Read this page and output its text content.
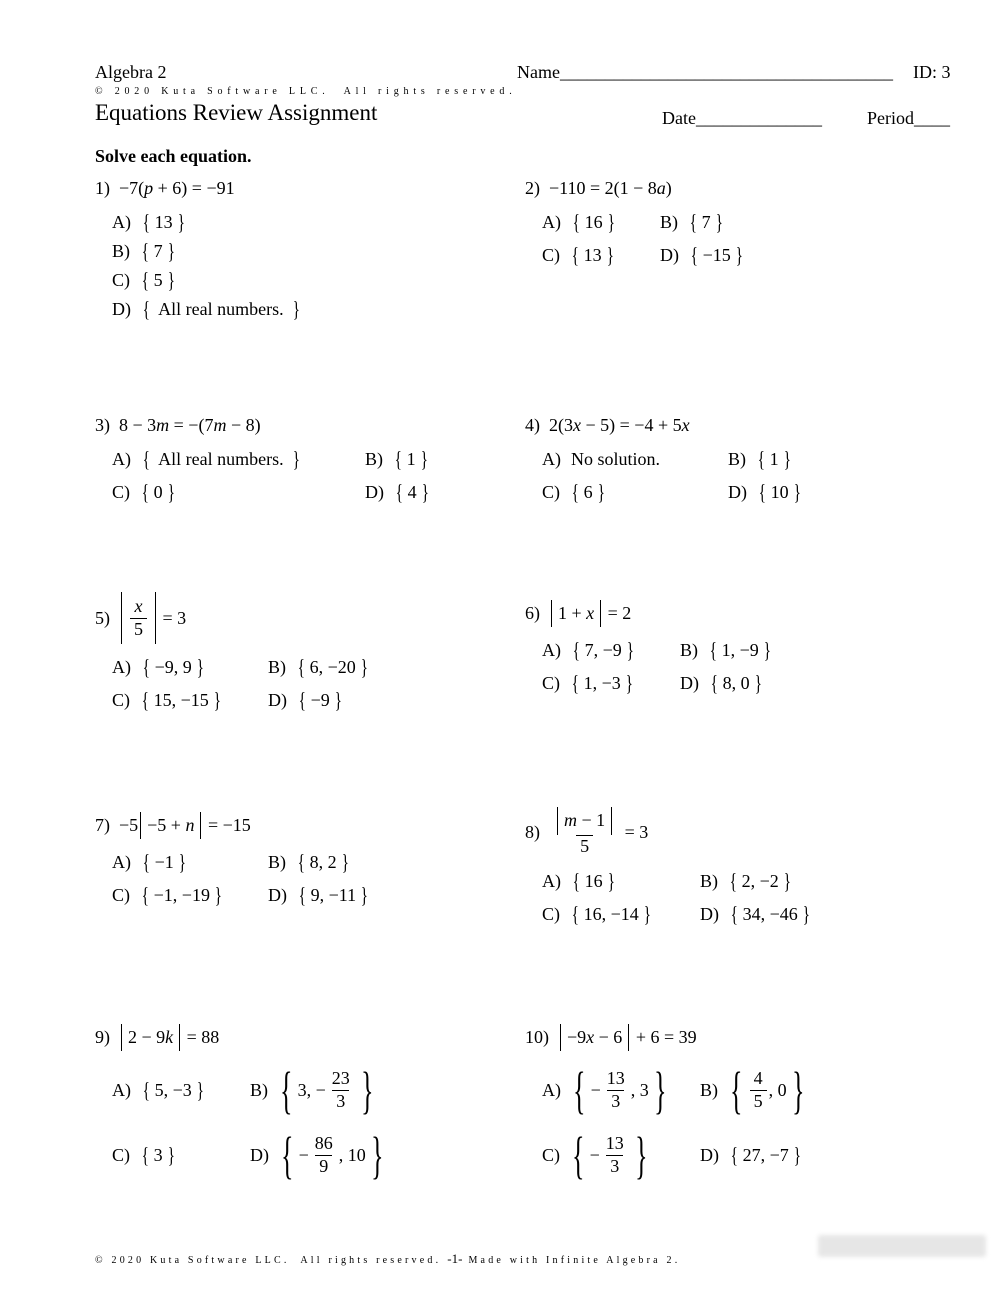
Algebra 2	Name_____________________________________ ID: 3
© 2020 Kuta Software LLC.  All rights reserved.
Equations Review Assignment	Date______________	Period____
Solve each equation.
1) −7( p + 6) = −91
A) { 13 }
B) { 7 }
C) { 5 }
D) { All real numbers. }
2) −110 = 2(1 − 8 a )
A) { 16 }	B) { 7 }
C) { 13 }	D) { −15 }
3) 8 − 3 m = −(7 m − 8)
A) { All real numbers. }	B) { 1 }
C) { 0 }	D) { 4 }
4) 2(3 x − 5) = −4 + 5 x
A) No solution.	B) { 1 }
C) { 6 }	D) { 10 }
$5) \frac{x}{5} = 3$
A) { −9, 9 }	B) { 6, −20 }
C) { 15, −15 }	D) { −9 }
6) 1 + x = 2
A) { 7, −9 }	B) { 1, −9 }
C) { 1, −3 }	D) { 8, 0 }
7) −5 −5 + n = −15
A) { −1 }	B) { 8, 2 }
C) { −1, −19 }	D) { 9, −11 }
$8) \frac{m - 1}{5} = 3$
A) { 16 }	B) { 2, −2 }
C) { 16, −14 }	D) { 34, −46 }
9) 2 − 9 k = 88
A) { 5, −3 }	B) { 3, − $\frac{23}{3}$ }
C) { 3 }	D) { − $\frac{86}{9}$ , 10 }
10) −9 x − 6 + 6 = 39
A) { − $\frac{13}{3}$ , 3 } B) { $\frac{4}{5}$ , 0 }
C) { − $\frac{13}{3}$ }	D) { 27, −7 }
© 2020 Kuta Software LLC.  All rights reserved. -1- Made with Infinite Algebra 2.
